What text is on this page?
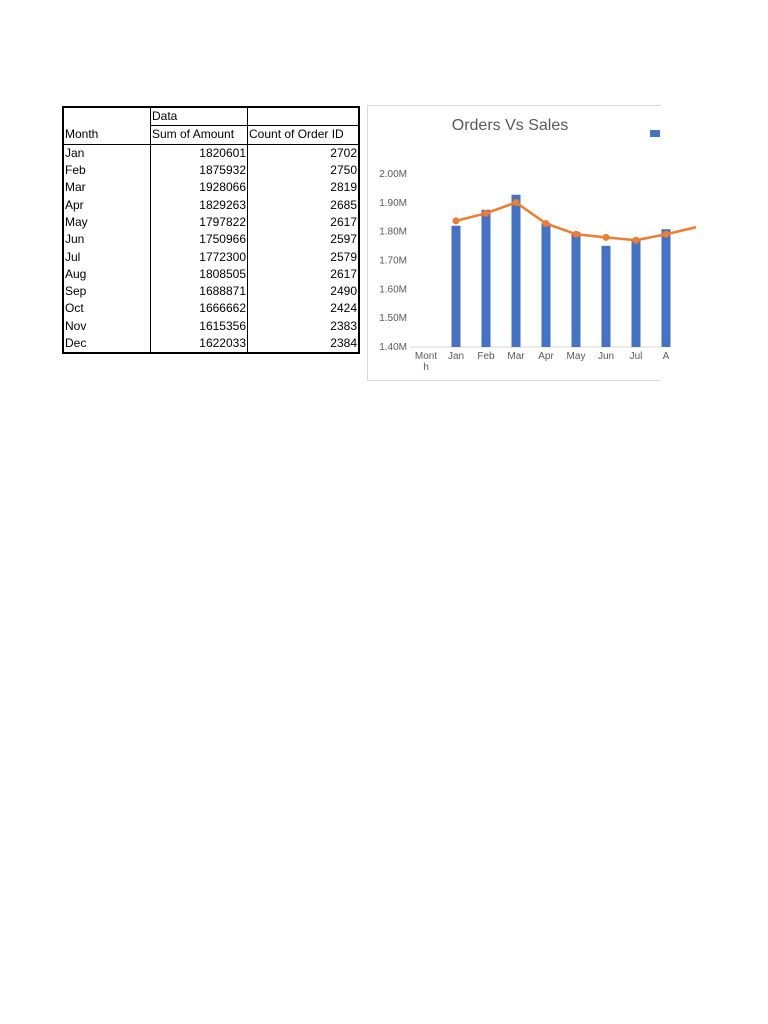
	Data	
Month	Sum of Amount	Count of Order ID
Jan	1820601	2702
Feb	1875932	2750
Mar	1928066	2819
Apr	1829263	2685
May	1797822	2617
Jun	1750966	2597
Jul	1772300	2579
Aug	1808505	2617
Sep	1688871	2490
Oct	1666662	2424
Nov	1615356	2383
Dec	1622033	2384
Orders Vs Sales
1.40M
1.50M
1.60M
1.70M
1.80M
1.90M
2.00M
Mont
h
Jan Feb Mar Apr May Jun Jul A
